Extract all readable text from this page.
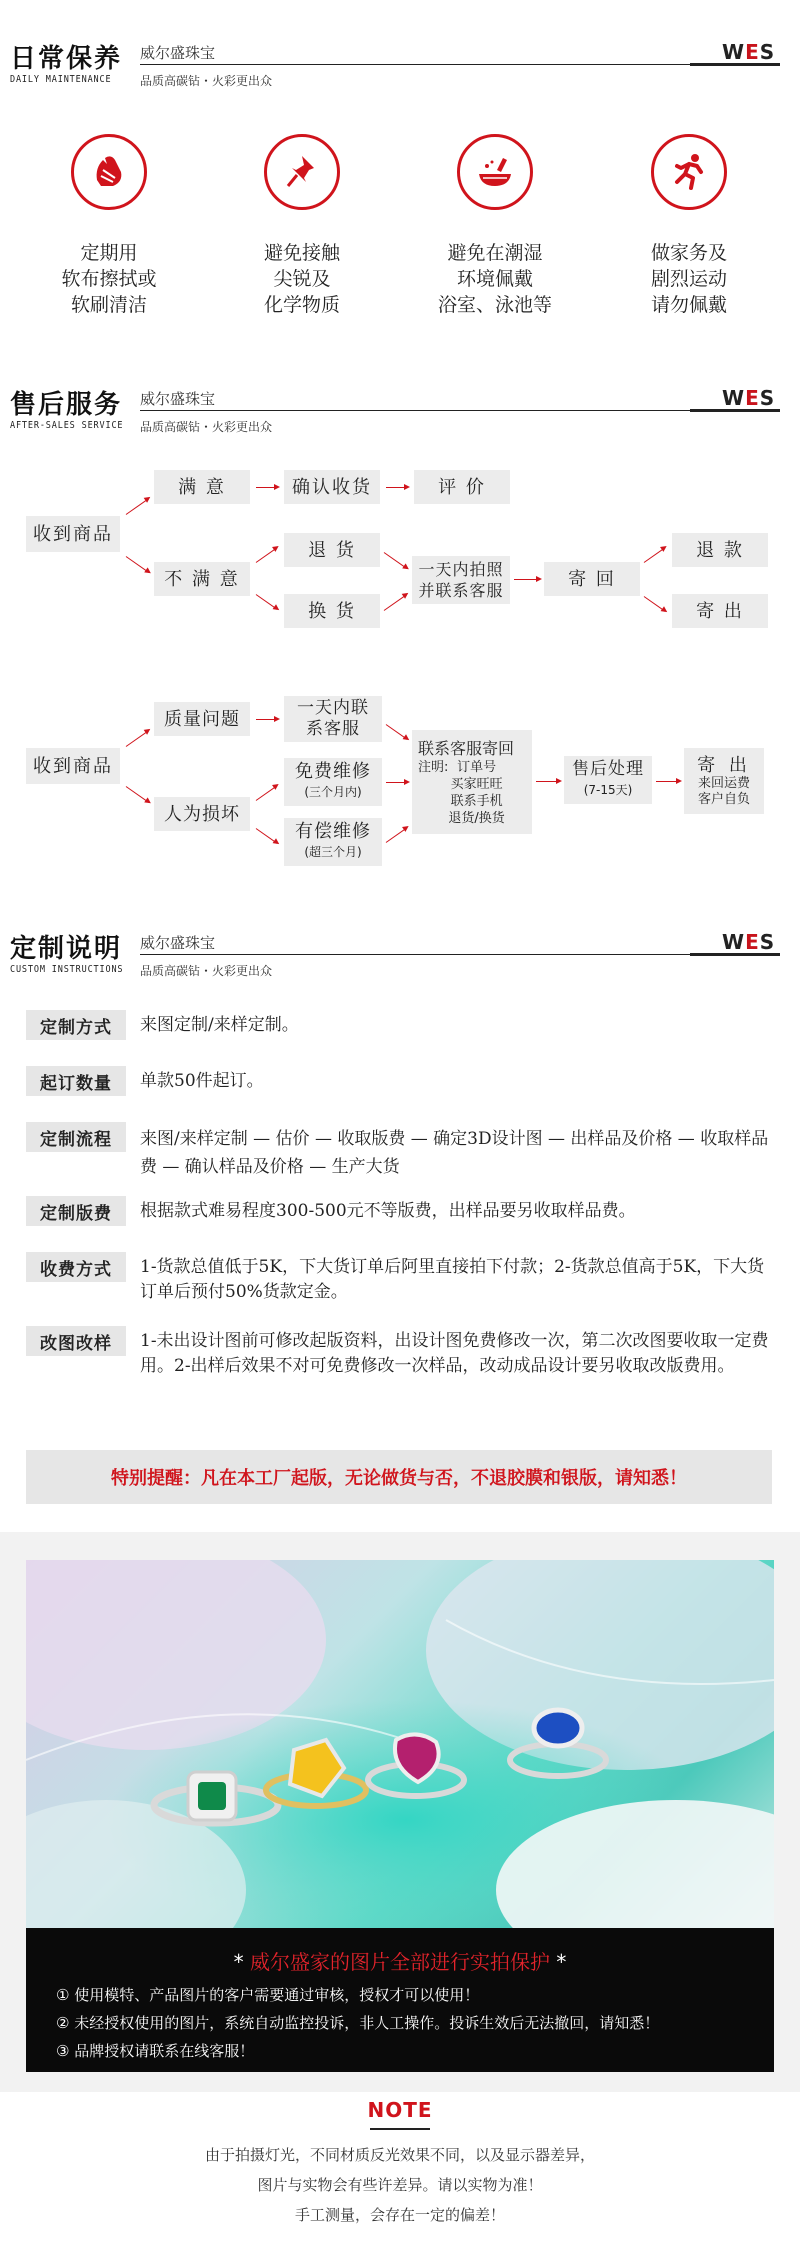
日常保养
DAILY MAINTENANCE
威尔盛珠宝
品质高碳钻・火彩更出众
WES
定期用
软布擦拭或
软刷清洁
避免接触
尖锐及
化学物质
避免在潮湿
环境佩戴
浴室、泳池等
做家务及
剧烈运动
请勿佩戴
售后服务
AFTER-SALES SERVICE
威尔盛珠宝
品质高碳钻・火彩更出众
WES
收到商品
满 意	确认收货	评 价
不 满 意
退 货
换 货
一天内拍照
并联系客服
寄 回
退 款
寄 出
收到商品
质量问题
一天内联
系客服
人为损坏
免费维修
(三个月内)
有偿维修
(超三个月)
联系客服寄回
注明: 订单号
买家旺旺
联系手机
退货/换货
售后处理
(7-15天)
寄 出
来回运费
客户自负
定制说明
CUSTOM INSTRUCTIONS
威尔盛珠宝
品质高碳钻・火彩更出众
WES
定制方式	来图定制/来样定制。
起订数量	单款50件起订。
定制流程	来图/来样定制 — 估价 — 收取版费 — 确定3D设计图 — 出样品及价格 — 收取样品费 — 确认样品及价格 — 生产大货
定制版费	根据款式难易程度300-500元不等版费，出样品要另收取样品费。
收费方式	1-货款总值低于5K，下大货订单后阿里直接拍下付款；2-货款总值高于5K，下大货订单后预付50%货款定金。
改图改样	1-未出设计图前可修改起版资料，出设计图免费修改一次，第二次改图要收取一定费用。2-出样后效果不对可免费修改一次样品，改动成品设计要另收取改版费用。
特别提醒：凡在本工厂起版，无论做货与否，不退胶膜和银版，请知悉！
* 威尔盛家的图片全部进行实拍保护 *
① 使用模特、产品图片的客户需要通过审核，授权才可以使用！
② 未经授权使用的图片，系统自动监控投诉，非人工操作。投诉生效后无法撤回，请知悉！
③ 品牌授权请联系在线客服！
NOTE
由于拍摄灯光，不同材质反光效果不同，以及显示器差异，
图片与实物会有些许差异。请以实物为准！
手工测量，会存在一定的偏差！
